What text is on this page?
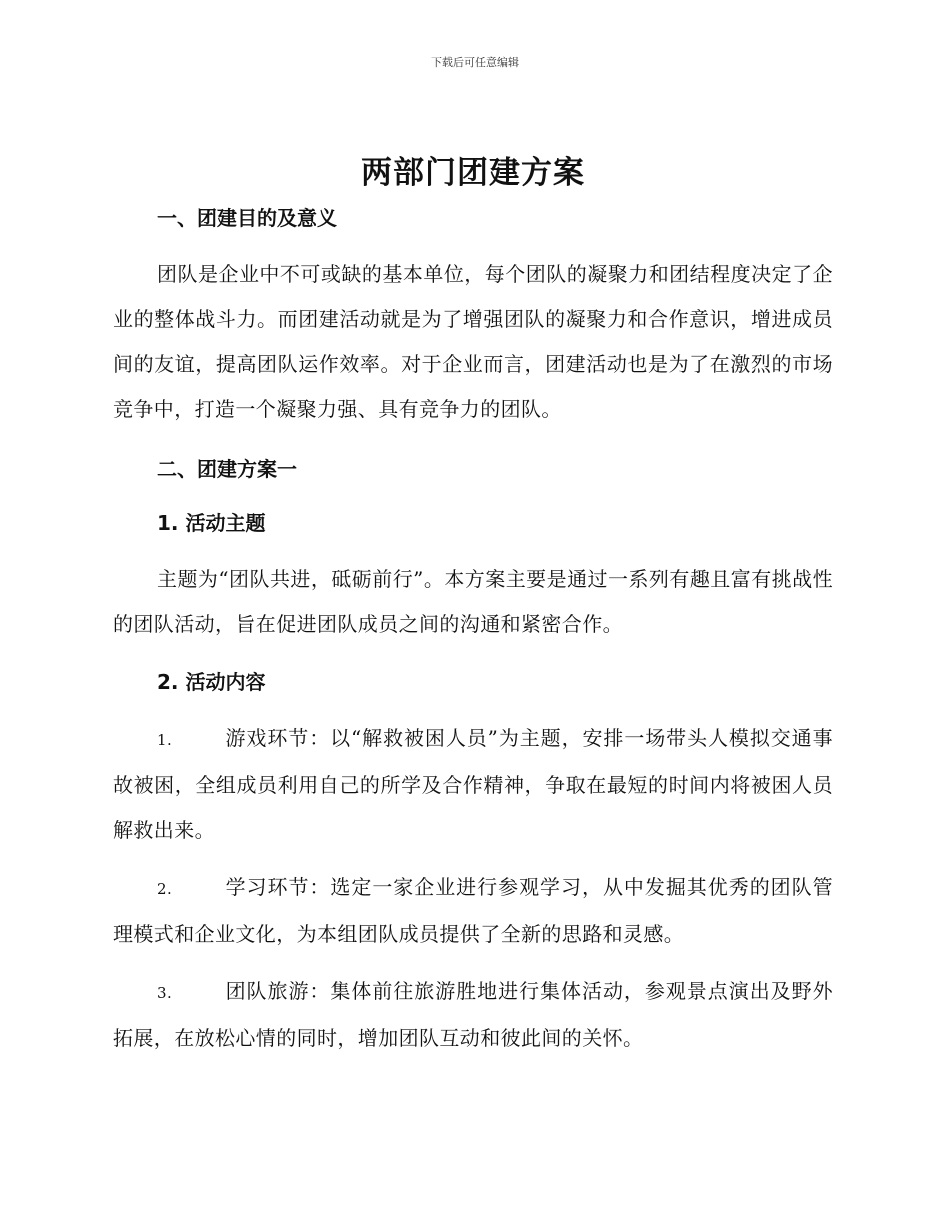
下载后可任意编辑
两部门团建方案
一、团建目的及意义

团队是企业中不可或缺的基本单位，每个团队的凝聚力和团结程度决定了企业的整体战斗力。而团建活动就是为了增强团队的凝聚力和合作意识，增进成员间的友谊，提高团队运作效率。对于企业而言，团建活动也是为了在激烈的市场竞争中，打造一个凝聚力强、具有竞争力的团队。

二、团建方案一
1. 活动主题

主题为“团队共进，砥砺前行”。本方案主要是通过一系列有趣且富有挑战性的团队活动，旨在促进团队成员之间的沟通和紧密合作。

2. 活动内容

1.	游戏环节：以“解救被困人员”为主题，安排一场带头人模拟交通事故被困，全组成员利用自己的所学及合作精神，争取在最短的时间内将被困人员解救出来。

2.	学习环节：选定一家企业进行参观学习，从中发掘其优秀的团队管理模式和企业文化，为本组团队成员提供了全新的思路和灵感。

3.	团队旅游：集体前往旅游胜地进行集体活动，参观景点演出及野外拓展，在放松心情的同时，增加团队互动和彼此间的关怀。
